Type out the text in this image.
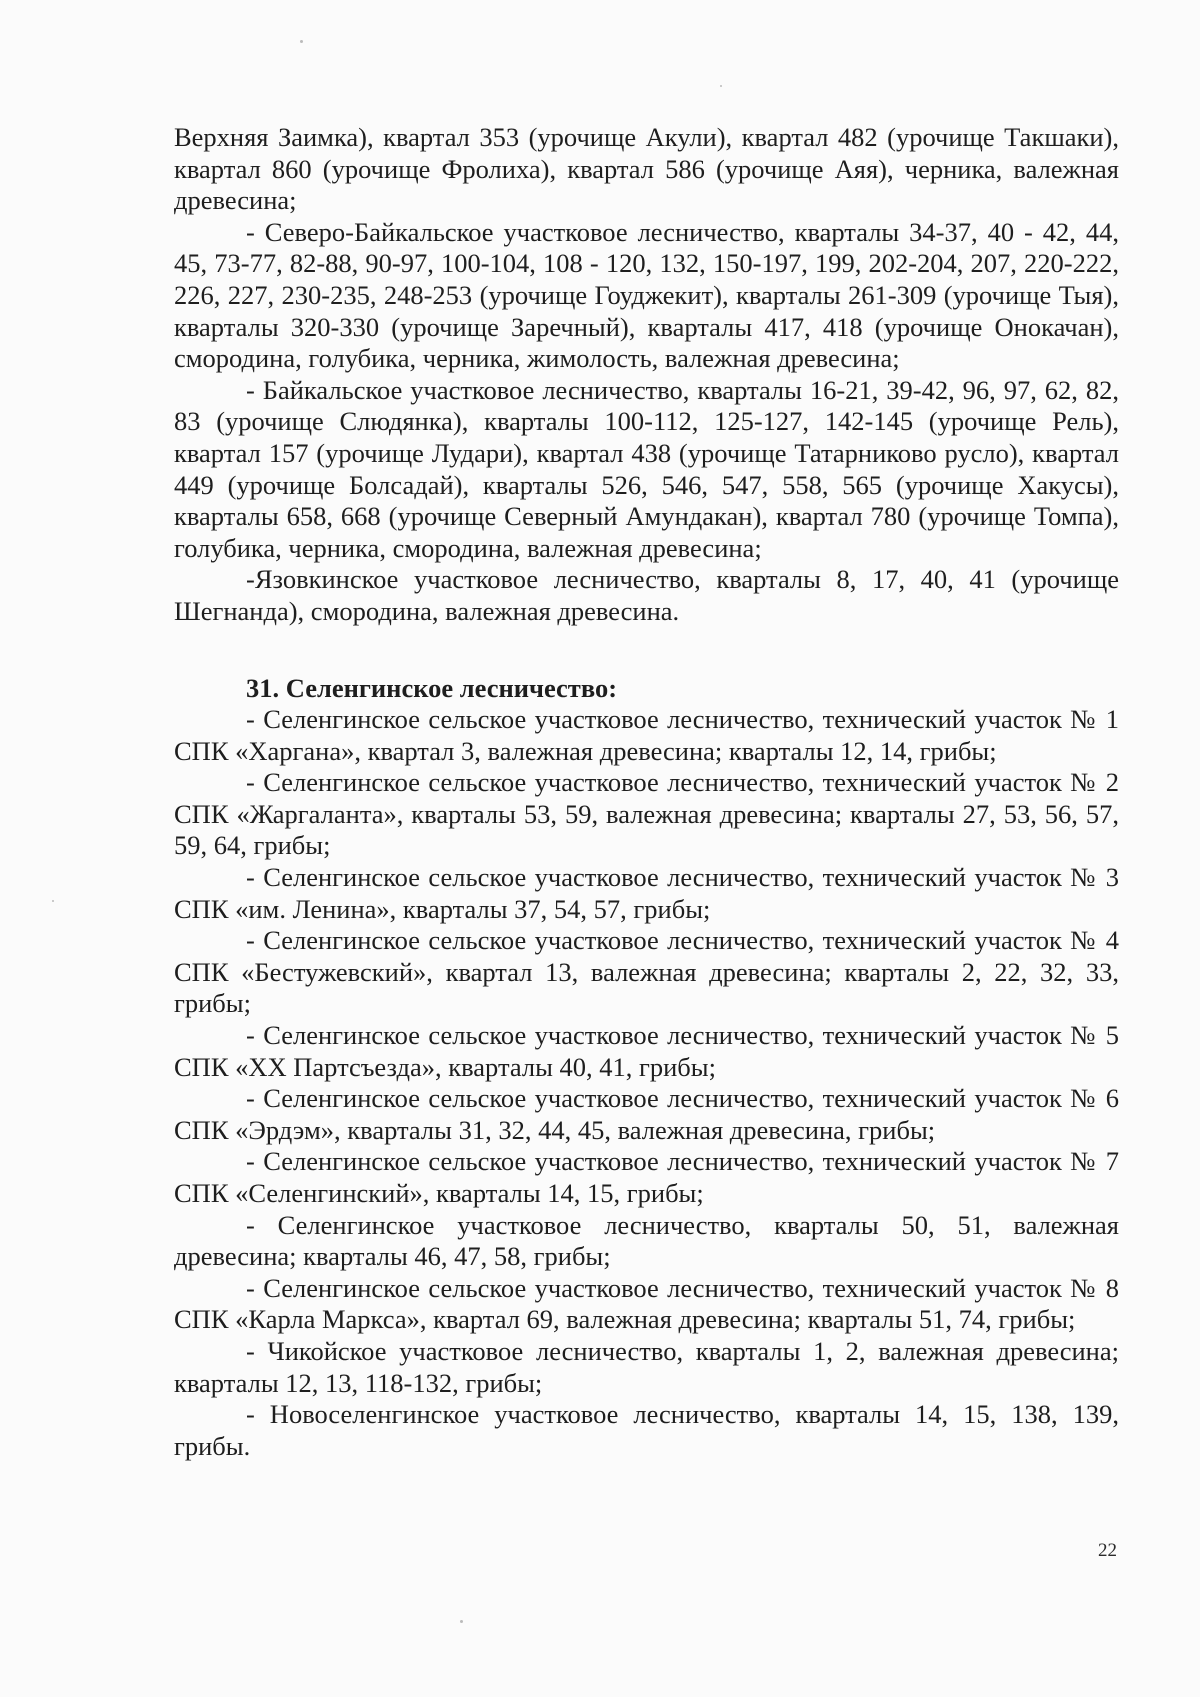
Верхняя Заимка), квартал 353 (урочище Акули), квартал 482 (урочище Такшаки), квартал 860 (урочище Фролиха), квартал 586 (урочище Аяя), черника, валежная древесина;

- Северо-Байкальское участковое лесничество, кварталы 34-37, 40 - 42, 44, 45, 73-77, 82-88, 90-97, 100-104, 108 - 120, 132, 150-197, 199, 202-204, 207, 220-222, 226, 227, 230-235, 248-253 (урочище Гоуджекит), кварталы 261-309 (урочище Тыя), кварталы 320-330 (урочище Заречный), кварталы 417, 418 (урочище Онокачан), смородина, голубика, черника, жимолость, валежная древесина;

- Байкальское участковое лесничество, кварталы 16-21, 39-42, 96, 97, 62, 82, 83 (урочище Слюдянка), кварталы 100-112, 125-127, 142-145 (урочище Рель), квартал 157 (урочище Лудари), квартал 438 (урочище Татарниково русло), квартал 449 (урочище Болсадай), кварталы 526, 546, 547, 558, 565 (урочище Хакусы), кварталы 658, 668 (урочище Северный Амундакан), квартал 780 (урочище Томпа), голубика, черника, смородина, валежная древесина;

-Язовкинское участковое лесничество, кварталы 8, 17, 40, 41 (урочище Шегнанда), смородина, валежная древесина.

31. Селенгинское лесничество:

- Селенгинское сельское участковое лесничество, технический участок № 1 СПК «Харгана», квартал 3, валежная древесина; кварталы 12, 14, грибы;

- Селенгинское сельское участковое лесничество, технический участок № 2 СПК «Жаргаланта», кварталы 53, 59, валежная древесина; кварталы 27, 53, 56, 57, 59, 64, грибы;

- Селенгинское сельское участковое лесничество, технический участок № 3 СПК «им. Ленина», кварталы 37, 54, 57, грибы;

- Селенгинское сельское участковое лесничество, технический участок № 4 СПК «Бестужевский», квартал 13, валежная древесина; кварталы 2, 22, 32, 33, грибы;

- Селенгинское сельское участковое лесничество, технический участок № 5 СПК «XX Партсъезда», кварталы 40, 41, грибы;

- Селенгинское сельское участковое лесничество, технический участок № 6 СПК «Эрдэм», кварталы 31, 32, 44, 45, валежная древесина, грибы;

- Селенгинское сельское участковое лесничество, технический участок № 7 СПК «Селенгинский», кварталы 14, 15, грибы;

- Селенгинское участковое лесничество, кварталы 50, 51, валежная древесина; кварталы 46, 47, 58, грибы;

- Селенгинское сельское участковое лесничество, технический участок № 8 СПК «Карла Маркса», квартал 69, валежная древесина; кварталы 51, 74, грибы;

- Чикойское участковое лесничество, кварталы 1, 2, валежная древесина; кварталы 12, 13, 118-132, грибы;

- Новоселенгинское участковое лесничество, кварталы 14, 15, 138, 139, грибы.

22
